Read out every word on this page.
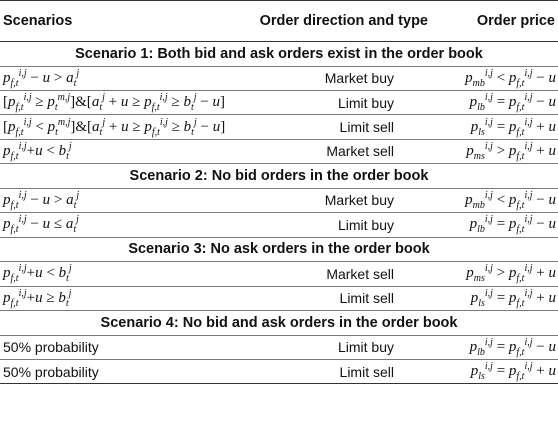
Scenarios	Order direction and type	Order price
Scenario 1: Both bid and ask orders exist in the order book		
$p_{f,t}^{i,j} - u > a_t^j$	Market buy	$p_{mb}^{i,j} < p_{f,t}^{i,j} - u$
[$p_{f,t}^{i,j}$ ≥ $p_t^{m,j}]\&[a_t^j + u \ge p_{f,t}^{i,j} \ge b_t^j - u]$	Limit buy	$p_{lb}^{i,j} = p_{f,t}^{i,j} - u$
[$p_{f,t}^{i,j}$ < $p_t^{m,j}]\&[a_t^j + u \ge p_{f,t}^{i,j} \ge b_t^j - u]$	Limit sell	$p_{ls}^{i,j} = p_{f,t}^{i,j} + u$
$p_{f,t}^{i,j}+u < b_t^j$	Market sell	$p_{ms}^{i,j} > p_{f,t}^{i,j} + u$
Scenario 2: No bid orders in the order book		
$p_{f,t}^{i,j} - u > a_t^j$	Market buy	$p_{mb}^{i,j} < p_{f,t}^{i,j} - u$
$p_{f,t}^{i,j} - u \le a_t^j$	Limit buy	$p_{lb}^{i,j} = p_{f,t}^{i,j} - u$
Scenario 3: No ask orders in the order book		
$p_{f,t}^{i,j}+u < b_t^j$	Market sell	$p_{ms}^{i,j} > p_{f,t}^{i,j} + u$
$p_{f,t}^{i,j}+u \ge b_t^j$	Limit sell	$p_{ls}^{i,j} = p_{f,t}^{i,j} + u$
Scenario 4: No bid and ask orders in the order book		
50% probability	Limit buy	$p_{lb}^{i,j} = p_{f,t}^{i,j} - u$
50% probability	Limit sell	$p_{ls}^{i,j} = p_{f,t}^{i,j} + u$
